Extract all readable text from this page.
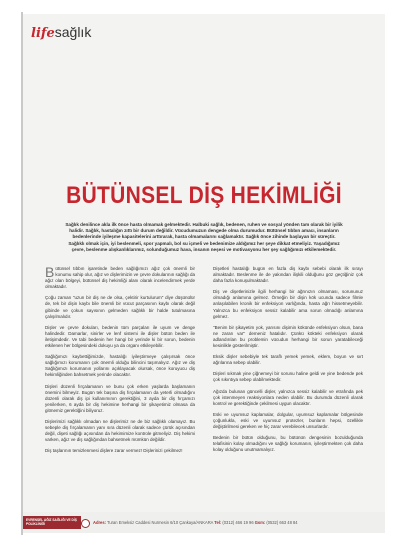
lifesağlık
BÜTÜNSEL DİŞ HEKİMLİĞİ
Sağlık denilince akla ilk önce hasta olmamak gelmektedir. Halbuki sağlık, bedenen, ruhen ve sosyal yönden tam olarak bir iyilik halidir. Sağlık, hastalığın zıttı bir durum değildir. Vücudumuzun dengede olma durumudur. Bütünsel tıbbın amacı, insanların bedenlerinde iyileşme kapasitelerini arttırarak, hasta olmamalarını sağlamaktır. Sağlık önce zihinde başlayan bir süreçtir. Sağlıklı olmak için, iyi beslenmeli, spor yapmalı, bol su içmeli ve bedenimize aldığımız her şeye dikkat etmeliyiz. Yaşadığımız çevre, beslenme alışkanlıklarımız, solunduğumuz hava, insanın neşesi ve motivasyonu her şey sağlığımızı etkilemektedir.

Bütünsel tıbbın işaretinde beden sağlığımızı ağız çok önemli bir konumu sahip olur, ağız ve dişlerimizin ve çevre dokularının sağlığı da ağız olan bölgeyi, bütünsel diş hekimliği alanı olarak incelendirmek yerde olmaktadır.

Çoğu zaman "uzun bir diş ne de olsa, çektirir kurtulurum" diye düşünülür de, tek bir dişin kaybı bile önemli bir vücut parçasının kaybı olarak değil gibinde ve çokun sayısının gelmeden sağlıklı bir halde tutulmasına çalışılmalıdır.

Dişler ve çevre dokuları, bedenin tüm parçaları ile uyum ve denge halindedir. Damarlar, sinirler ve lenf sistemi ile dişler bütün beden ile iletişimdedir. Ve tabi bedenin her hangi bir yerinde ki bir sorun, bedenin etkilenen her bölgesindeki dokuyu ya da organı etkileyebilir.

Sağlığımızı kaybettiğimizde, hastalığı iyileştirmeye çalışırsak önce sağlığımızı korumanın çok önemli olduğu bilincini taşımalıyız. Ağız ve diş Sağlığımızı korumanın yollarını açıklayacak olursak, önce koruyucu diş hekimliğinden bahsetmek yerinde olacaktır.

Dişleri düzenli fırçalamanın ve bunu çok erken yaşlarda başlamanın önemini bilmeyiz. Bugün tek başına diş fırçalamanın da yeterli olmadığını düzenli olarak diş ipi kullanımının gerektiğini, 3 ayda bir diş fırçamızı yenilerken, 6 ayda bir diş hekimine herhangi bir şikayetimiz olmasa da gitmemiz gerektiğini biliyoruz.

Dişlerimizi sağlıklı olmadan ne dişlerimiz ne de biz sağlıklı olamayız. Bu sebeple diş fırçalamanın yanı sıra düzenli olarak sadece çürük açısından değil, dişeti sağlığı açısından da hekimimize kontrole gitmeliyiz. Diş hekimi varken, ağız ve diş sağlığından bahsetmek mümkün değildir.

Diş taşlarının temizlenmesi dişlere zarar vermez! Dişlerinizi çekilmez!

Dişetleri hastalığı bugün en fazla diş kaybı sebebi olarak ilk sırayı almaktadır. Beslenme ile de yakından ilişkili olduğunu göz geçtiğiniz çok daha fazla konuşulmaktadır.

Diş ve dişetlerinizle ilgili herhangi bir ağrınızın olmaması, sorununuz olmadığı anlamına gelmez. Örneğin bir dişin kök ucunda sadece filmle anlaşılabilen kronik bir enfeksiyon varlığında, hasta ağrı hissetmeyebilir. Yalnızca bu enfeksiyon sessiz kalabilir ama sorun olmadığı anlamına gelmez.

"Benim bir şikayetim yok, yarısını dişimin kökünde enfeksiyon olsun, bana ne zararı var" demeniz hatalıdır. Çünkü kökteki enfeksiyon olarak adlandırılan bu problemin vücudun herhangi bir sorun yaratabileceği kesinlikle gösterilmiştir.

Eksik dişler sebebiyle tek taraflı yemek yemek, eklem, boyun ve sırt ağrılarına sebep olabilir.

Dişleri sıkmak yine çiğnemeyi bir sorunu haline geldi ve yine bedende pek çok sıkıntıya sebep olabilmektedir.

Ağızda bulunan güncelli dişler, yalnızca sessiz kalabilir ve etrafında pek çok istenmeyen reaksiyonlara neden olabilir. Bu durumda düzenli olarak kontrol ve gerektiğinde çekilmesi uygun olacaktır.

Eski ve uyumsuz kaplamalar, dolgular, uyumsuz kaplamalar bölgesinde çoğunlukla, eski ve uyumsuz protezler, bunların hepsi, özellikle değiştirilmesi gereken ve hiç zarar verebilecek unsurlardır.

Bedenin bir bütün olduğunu, bu bütünün dengesinin bozulduğunda telafisinin kolay olmadığını ve sağlığı korumanın, iyileştirmekten çok daha kolay olduğunu unutmamalıyız.

EVRENSEL AĞIZ SAĞLIĞI VE DİŞ POLİKLİNİĞİ	Adres: Turan Emeksiz Caddesi Nurmesin 6/10 Çankaya/ANKARA Tel: (0312) 466 19 96 Gsm: (0532) 663 48 84
